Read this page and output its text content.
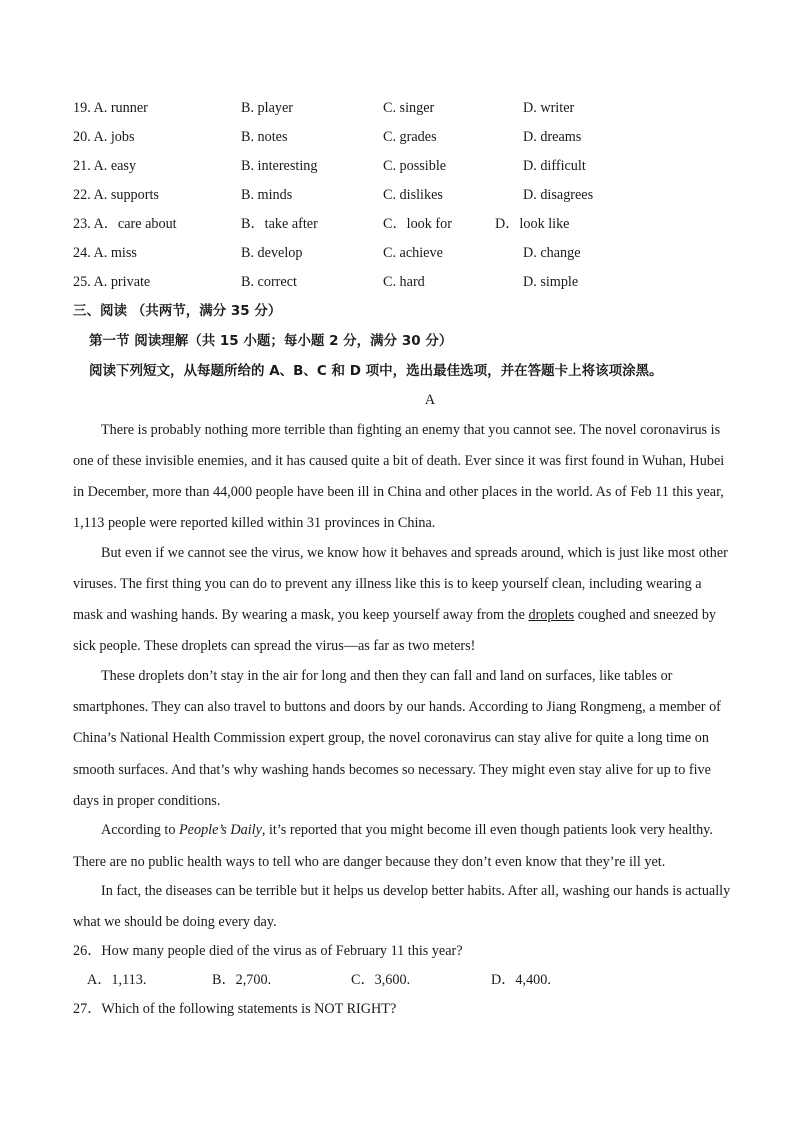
19. A. runner	B. player	C. singer	D. writer
20. A. jobs	B. notes	C. grades	D. dreams
21. A. easy	B. interesting	C. possible	D. difficult
22. A. supports	B. minds	C. dislikes	D. disagrees
23. A．care about	B．take after	C．look for	D．look like
24. A. miss	B. develop	C. achieve	D. change
25. A. private	B. correct	C. hard	D. simple
三、阅读 （共两节，满分 35 分）
第一节 阅读理解（共 15 小题；每小题 2 分，满分 30 分）
阅读下列短文，从每题所给的 A、B、C 和 D 项中，选出最佳选项，并在答题卡上将该项涂黑。
A
There is probably nothing more terrible than fighting an enemy that you cannot see. The novel coronavirus is
one of these invisible enemies, and it has caused quite a bit of death. Ever since it was first found in Wuhan, Hubei
in December, more than 44,000 people have been ill in China and other places in the world. As of Feb 11 this year,
1,113 people were reported killed within 31 provinces in China.
But even if we cannot see the virus, we know how it behaves and spreads around, which is just like most other
viruses. The first thing you can do to prevent any illness like this is to keep yourself clean, including wearing a
mask and washing hands. By wearing a mask, you keep yourself away from the droplets coughed and sneezed by
sick people. These droplets can spread the virus—as far as two meters!
These droplets don’t stay in the air for long and then they can fall and land on surfaces, like tables or
smartphones. They can also travel to buttons and doors by our hands. According to Jiang Rongmeng, a member of
China’s National Health Commission expert group, the novel coronavirus can stay alive for quite a long time on
smooth surfaces. And that’s why washing hands becomes so necessary. They might even stay alive for up to five
days in proper conditions.
According to People’s Daily, it’s reported that you might become ill even though patients look very healthy.
There are no public health ways to tell who are danger because they don’t even know that they’re ill yet.
In fact, the diseases can be terrible but it helps us develop better habits. After all, washing our hands is actually
what we should be doing every day.
26．How many people died of the virus as of February 11 this year?
A．1,113.	B．2,700.	C．3,600.	D．4,400.
27．Which of the following statements is NOT RIGHT?
